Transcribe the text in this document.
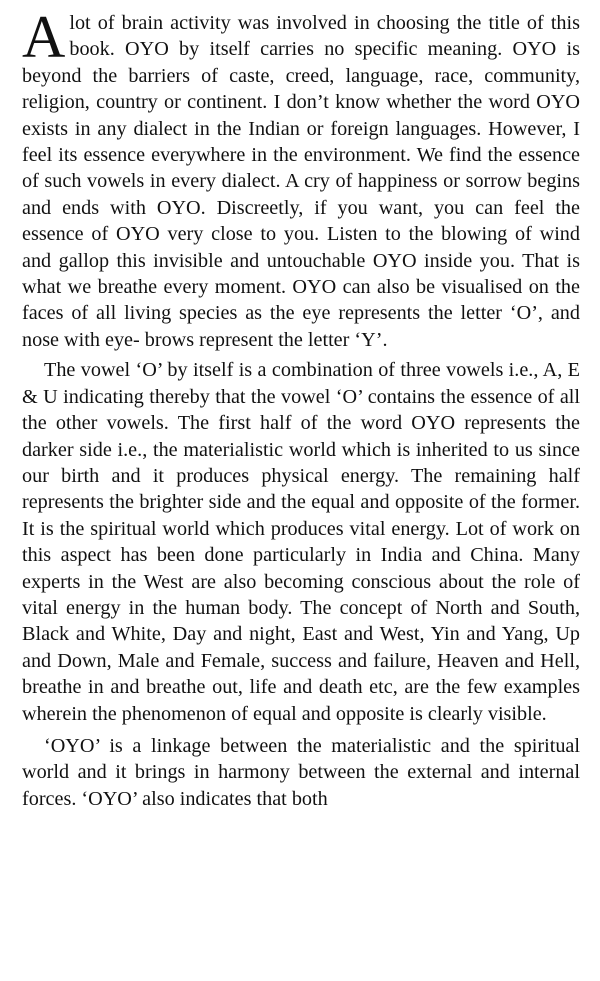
Alot of brain activity was involved in choosing the title of this book. OYO by itself carries no specific meaning. OYO is beyond the barriers of caste, creed, language, race, community, religion, country or continent. I don’t know whether the word OYO exists in any dialect in the Indian or foreign languages. However, I feel its essence everywhere in the environment. We find the essence of such vowels in every dialect. A cry of happiness or sorrow begins and ends with OYO. Discreetly, if you want, you can feel the essence of OYO very close to you. Listen to the blowing of wind and gallop this invisible and untouchable OYO inside you. That is what we breathe every moment. OYO can also be visualised on the faces of all living species as the eye represents the letter ‘O’, and nose with eye- brows represent the letter ‘Y’.

The vowel ‘O’ by itself is a combination of three vowels i.e., A, E & U indicating thereby that the vowel ‘O’ contains the essence of all the other vowels. The first half of the word OYO represents the darker side i.e., the materialistic world which is inherited to us since our birth and it produces physical energy. The remaining half represents the brighter side and the equal and opposite of the former. It is the spiritual world which produces vital energy. Lot of work on this aspect has been done particularly in India and China. Many experts in the West are also becoming conscious about the role of vital energy in the human body. The concept of North and South, Black and White, Day and night, East and West, Yin and Yang, Up and Down, Male and Female, success and failure, Heaven and Hell, breathe in and breathe out, life and death etc, are the few examples wherein the phenomenon of equal and opposite is clearly visible.

‘OYO’ is a linkage between the materialistic and the spiritual world and it brings in harmony between the external and internal forces. ‘OYO’ also indicates that both
